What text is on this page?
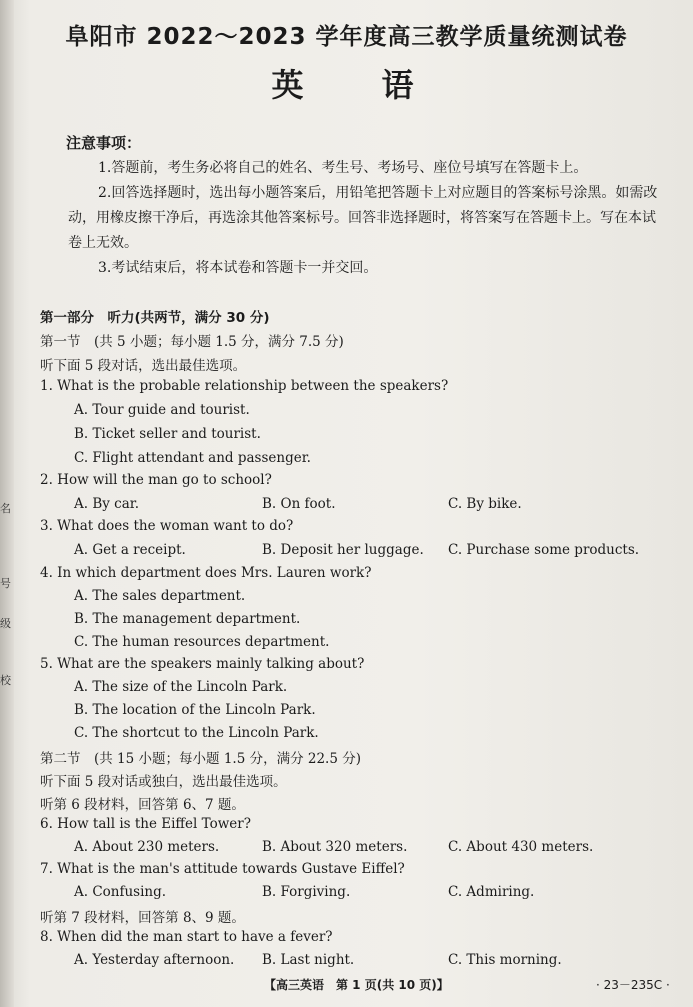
名
号
级
校
阜阳市 2022～2023 学年度高三教学质量统测试卷
英语
注意事项：
1.答题前，考生务必将自己的姓名、考生号、考场号、座位号填写在答题卡上。
2.回答选择题时，选出每小题答案后，用铅笔把答题卡上对应题目的答案标号涂黑。如需改动，用橡皮擦干净后，再选涂其他答案标号。回答非选择题时，将答案写在答题卡上。写在本试卷上无效。
3.考试结束后，将本试卷和答题卡一并交回。
第一部分　听力(共两节，满分 30 分)
第一节　(共 5 小题；每小题 1.5 分，满分 7.5 分)
听下面 5 段对话，选出最佳选项。
1. What is the probable relationship between the speakers?
A. Tour guide and tourist.
B. Ticket seller and tourist.
C. Flight attendant and passenger.
2. How will the man go to school?
A. By car.	B. On foot.	C. By bike.
3. What does the woman want to do?
A. Get a receipt.	B. Deposit her luggage. C. Purchase some products.
4. In which department does Mrs. Lauren work?
A. The sales department.
B. The management department.
C. The human resources department.
5. What are the speakers mainly talking about?
A. The size of the Lincoln Park.
B. The location of the Lincoln Park.
C. The shortcut to the Lincoln Park.
第二节　(共 15 小题；每小题 1.5 分，满分 22.5 分)
听下面 5 段对话或独白，选出最佳选项。
听第 6 段材料，回答第 6、7 题。
6. How tall is the Eiffel Tower?
A. About 230 meters.	B. About 320 meters.	C. About 430 meters.
7. What is the man's attitude towards Gustave Eiffel?
A. Confusing.	B. Forgiving.	C. Admiring.
听第 7 段材料，回答第 8、9 题。
8. When did the man start to have a fever?
A. Yesterday afternoon. B. Last night.	C. This morning.
【高三英语　第 1 页(共 10 页)】	· 23－235C ·
